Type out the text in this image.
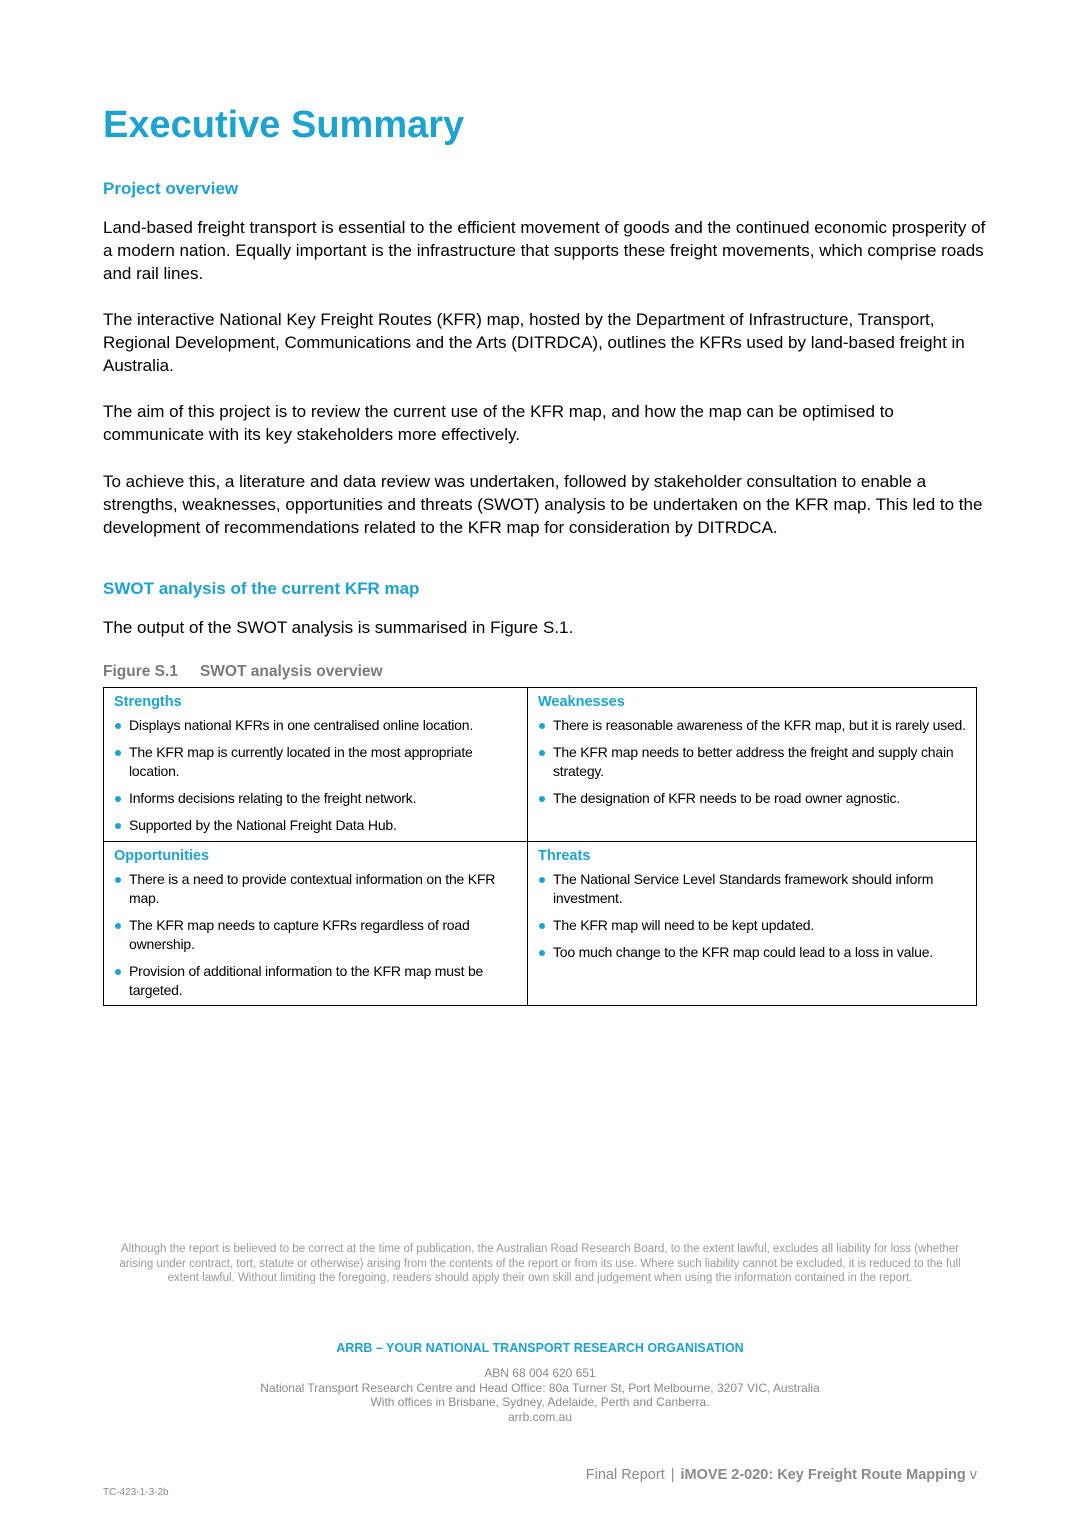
Executive Summary
Project overview

Land-based freight transport is essential to the efficient movement of goods and the continued economic prosperity of a modern nation. Equally important is the infrastructure that supports these freight movements, which comprise roads and rail lines.

The interactive National Key Freight Routes (KFR) map, hosted by the Department of Infrastructure, Transport, Regional Development, Communications and the Arts (DITRDCA), outlines the KFRs used by land-based freight in Australia.

The aim of this project is to review the current use of the KFR map, and how the map can be optimised to communicate with its key stakeholders more effectively.

To achieve this, a literature and data review was undertaken, followed by stakeholder consultation to enable a strengths, weaknesses, opportunities and threats (SWOT) analysis to be undertaken on the KFR map. This led to the development of recommendations related to the KFR map for consideration by DITRDCA.

SWOT analysis of the current KFR map

The output of the SWOT analysis is summarised in Figure S.1.

Figure S.1 SWOT analysis overview
Strengths
Displays national KFRs in one centralised online location.
The KFR map is currently located in the most appropriate location.
Informs decisions relating to the freight network.
Supported by the National Freight Data Hub.
Weaknesses
There is reasonable awareness of the KFR map, but it is rarely used.
The KFR map needs to better address the freight and supply chain strategy.
The designation of KFR needs to be road owner agnostic.
Opportunities
There is a need to provide contextual information on the KFR map.
The KFR map needs to capture KFRs regardless of road ownership.
Provision of additional information to the KFR map must be targeted.
Threats
The National Service Level Standards framework should inform investment.
The KFR map will need to be kept updated.
Too much change to the KFR map could lead to a loss in value.

Although the report is believed to be correct at the time of publication, the Australian Road Research Board, to the extent lawful, excludes all liability for loss (whether arising under contract, tort, statute or otherwise) arising from the contents of the report or from its use. Where such liability cannot be excluded, it is reduced to the full extent lawful. Without limiting the foregoing, readers should apply their own skill and judgement when using the information contained in the report.

ARRB – YOUR NATIONAL TRANSPORT RESEARCH ORGANISATION
ABN 68 004 620 651
National Transport Research Centre and Head Office: 80a Turner St, Port Melbourne, 3207 VIC, Australia
With offices in Brisbane, Sydney, Adelaide, Perth and Canberra.
arrb.com.au
Final Report | iMOVE 2-020: Key Freight Route Mapping v
TC-423-1-3-2b
